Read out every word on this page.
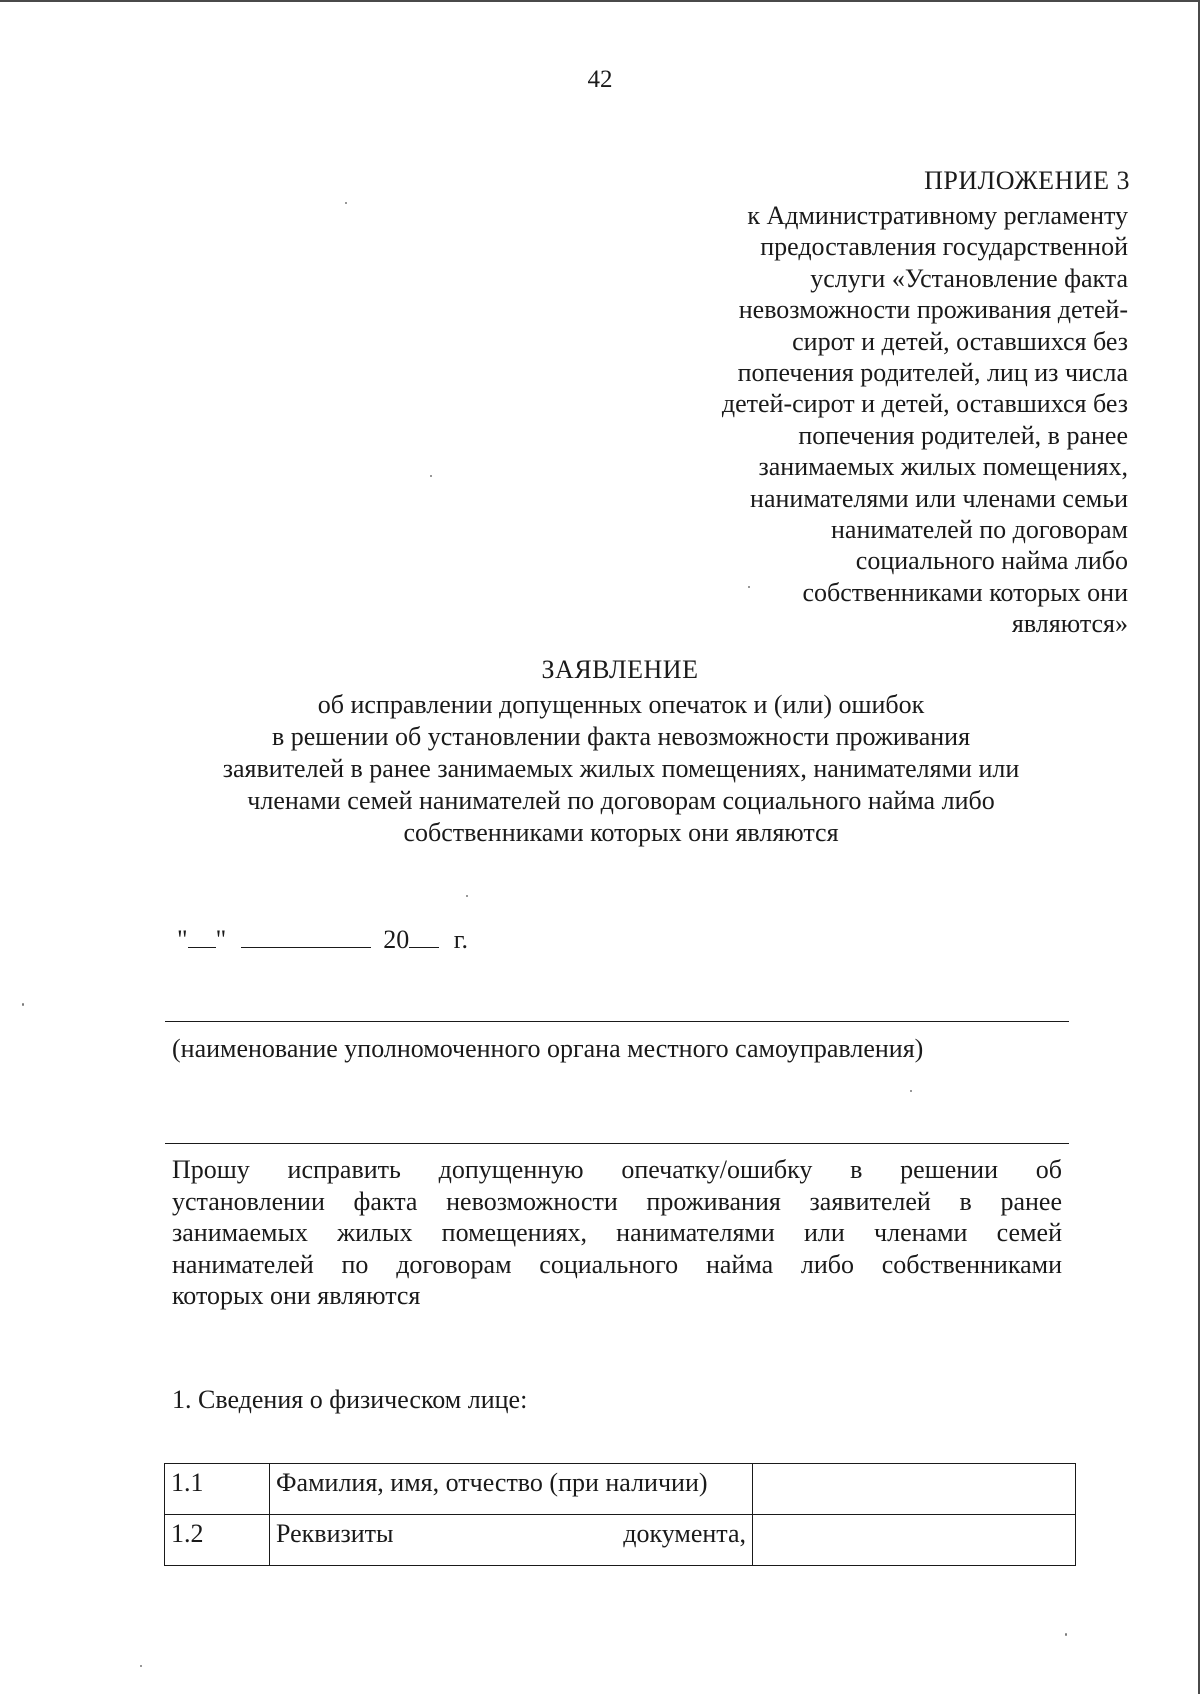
42
ПРИЛОЖЕНИЕ 3
к Административному регламенту
предоставления государственной
услуги «Установление факта
невозможности проживания детей-
сирот и детей, оставшихся без
попечения родителей, лиц из числа
детей-сирот и детей, оставшихся без
попечения родителей, в ранее
занимаемых жилых помещениях,
нанимателями или членами семьи
нанимателей по договорам
социального найма либо
собственниками которых они
являются»
ЗАЯВЛЕНИЕ
об исправлении допущенных опечаток и (или) ошибок
в решении об установлении факта невозможности проживания
заявителей в ранее занимаемых жилых помещениях, нанимателями или
членами семей нанимателей по договорам социального найма либо
собственниками которых они являются
" "	20 г.
(наименование уполномоченного органа местного самоуправления)
Прошу исправить допущенную опечатку/ошибку в решении об
установлении факта невозможности проживания заявителей в ранее
занимаемых жилых помещениях, нанимателями или членами семей
нанимателей по договорам социального найма либо собственниками
которых они являются
1. Сведения о физическом лице:
1.1	Фамилия, имя, отчество (при наличии)	
1.2	Реквизиты документа,	
